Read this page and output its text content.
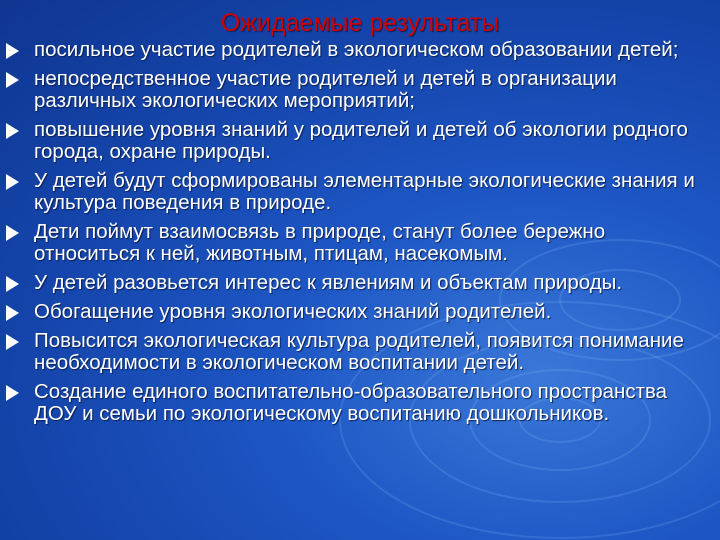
Ожидаемые результаты
посильное участие родителей в экологическом образовании детей;
непосредственное участие родителей и детей в организации различных экологических мероприятий;
повышение уровня знаний у родителей и детей об экологии родного города, охране природы.
У детей будут сформированы элементарные экологические знания и культура поведения в природе.
Дети поймут взаимосвязь в природе, станут более бережно относиться к ней, животным, птицам, насекомым.
У детей разовьется интерес к явлениям и объектам природы.
Обогащение уровня экологических знаний родителей.
Повысится экологическая культура родителей, появится понимание необходимости в экологическом воспитании детей.
Создание единого воспитательно-образовательного пространства ДОУ и семьи по экологическому воспитанию дошкольников.
